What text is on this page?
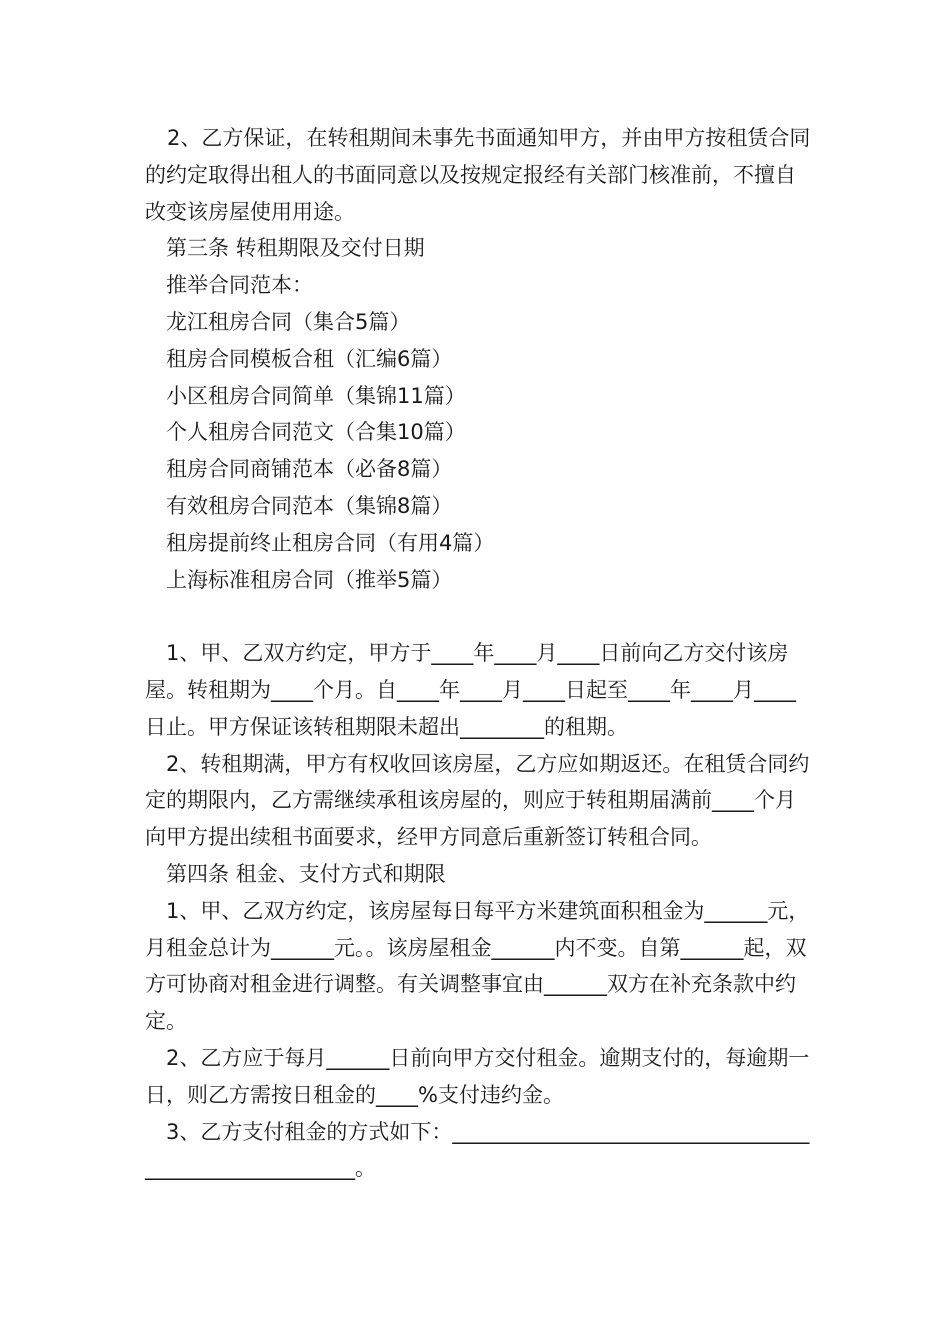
2、乙方保证，在转租期间未事先书面通知甲方，并由甲方按租赁合同的约定取得出租人的书面同意以及按规定报经有关部门核准前，不擅自改变该房屋使用用途。

第三条 转租期限及交付日期

推举合同范本：

龙江租房合同（集合5篇）

租房合同模板合租（汇编6篇）

小区租房合同简单（集锦11篇）

个人租房合同范文（合集10篇）

租房合同商铺范本（必备8篇）

有效租房合同范本（集锦8篇）

租房提前终止租房合同（有用4篇）

上海标准租房合同（推举5篇）

1、甲、乙双方约定，甲方于____年____月____日前向乙方交付该房屋。转租期为____个月。自____年____月____日起至____年____月____日止。甲方保证该转租期限未超出________的租期。

2、转租期满，甲方有权收回该房屋，乙方应如期返还。在租赁合同约定的期限内，乙方需继续承租该房屋的，则应于转租期届满前____个月向甲方提出续租书面要求，经甲方同意后重新签订转租合同。

第四条 租金、支付方式和期限

1、甲、乙双方约定，该房屋每日每平方米建筑面积租金为______元，月租金总计为______元。。该房屋租金______内不变。自第______起，双方可协商对租金进行调整。有关调整事宜由______双方在补充条款中约定。

2、乙方应于每月______日前向甲方交付租金。逾期支付的，每逾期一日，则乙方需按日租金的____%支付违约金。

3、乙方支付租金的方式如下：______________________________________________________。
